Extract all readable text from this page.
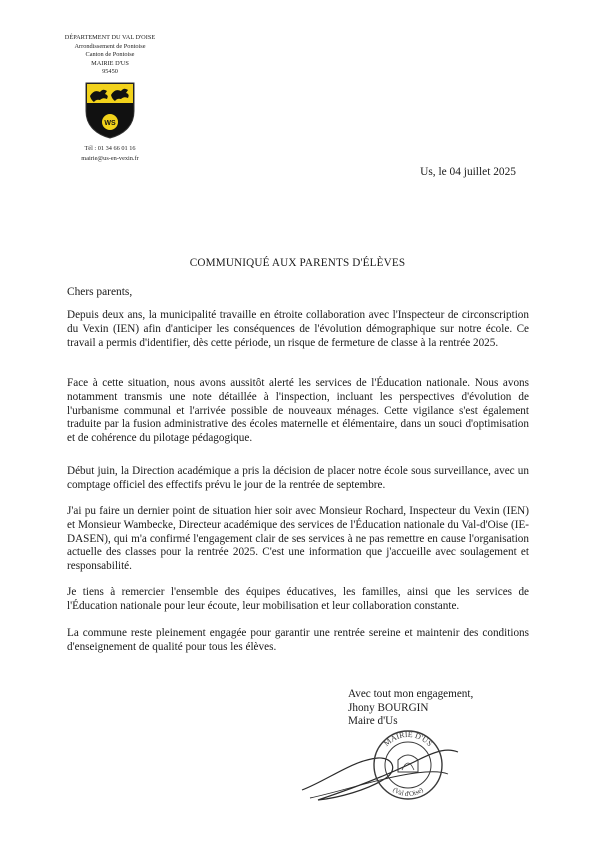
DÉPARTEMENT DU VAL D'OISE
Arrondissement de Pontoise
Canton de Pontoise
MAIRIE D'US
95450
WS
Tél : 01 34 66 01 16
mairie@us-en-vexin.fr
Us, le 04 juillet 2025
COMMUNIQUÉ AUX PARENTS D'ÉLÈVES
Chers parents,

Depuis deux ans, la municipalité travaille en étroite collaboration avec l'Inspecteur de circonscription du Vexin (IEN) afin d'anticiper les conséquences de l'évolution démographique sur notre école. Ce travail a permis d'identifier, dès cette période, un risque de fermeture de classe à la rentrée 2025.

Face à cette situation, nous avons aussitôt alerté les services de l'Éducation nationale. Nous avons notamment transmis une note détaillée à l'inspection, incluant les perspectives d'évolution de l'urbanisme communal et l'arrivée possible de nouveaux ménages. Cette vigilance s'est également traduite par la fusion administrative des écoles maternelle et élémentaire, dans un souci d'optimisation et de cohérence du pilotage pédagogique.

Début juin, la Direction académique a pris la décision de placer notre école sous surveillance, avec un comptage officiel des effectifs prévu le jour de la rentrée de septembre.

J'ai pu faire un dernier point de situation hier soir avec Monsieur Rochard, Inspecteur du Vexin (IEN) et Monsieur Wambecke, Directeur académique des services de l'Éducation nationale du Val-d'Oise (IE-DASEN), qui m'a confirmé l'engagement clair de ses services à ne pas remettre en cause l'organisation actuelle des classes pour la rentrée 2025. C'est une information que j'accueille avec soulagement et responsabilité.

Je tiens à remercier l'ensemble des équipes éducatives, les familles, ainsi que les services de l'Éducation nationale pour leur écoute, leur mobilisation et leur collaboration constante.

La commune reste pleinement engagée pour garantir une rentrée sereine et maintenir des conditions d'enseignement de qualité pour tous les élèves.

Avec tout mon engagement,
Jhony BOURGIN
Maire d'Us
MAIRIE D'US
(Val d'Oise)
